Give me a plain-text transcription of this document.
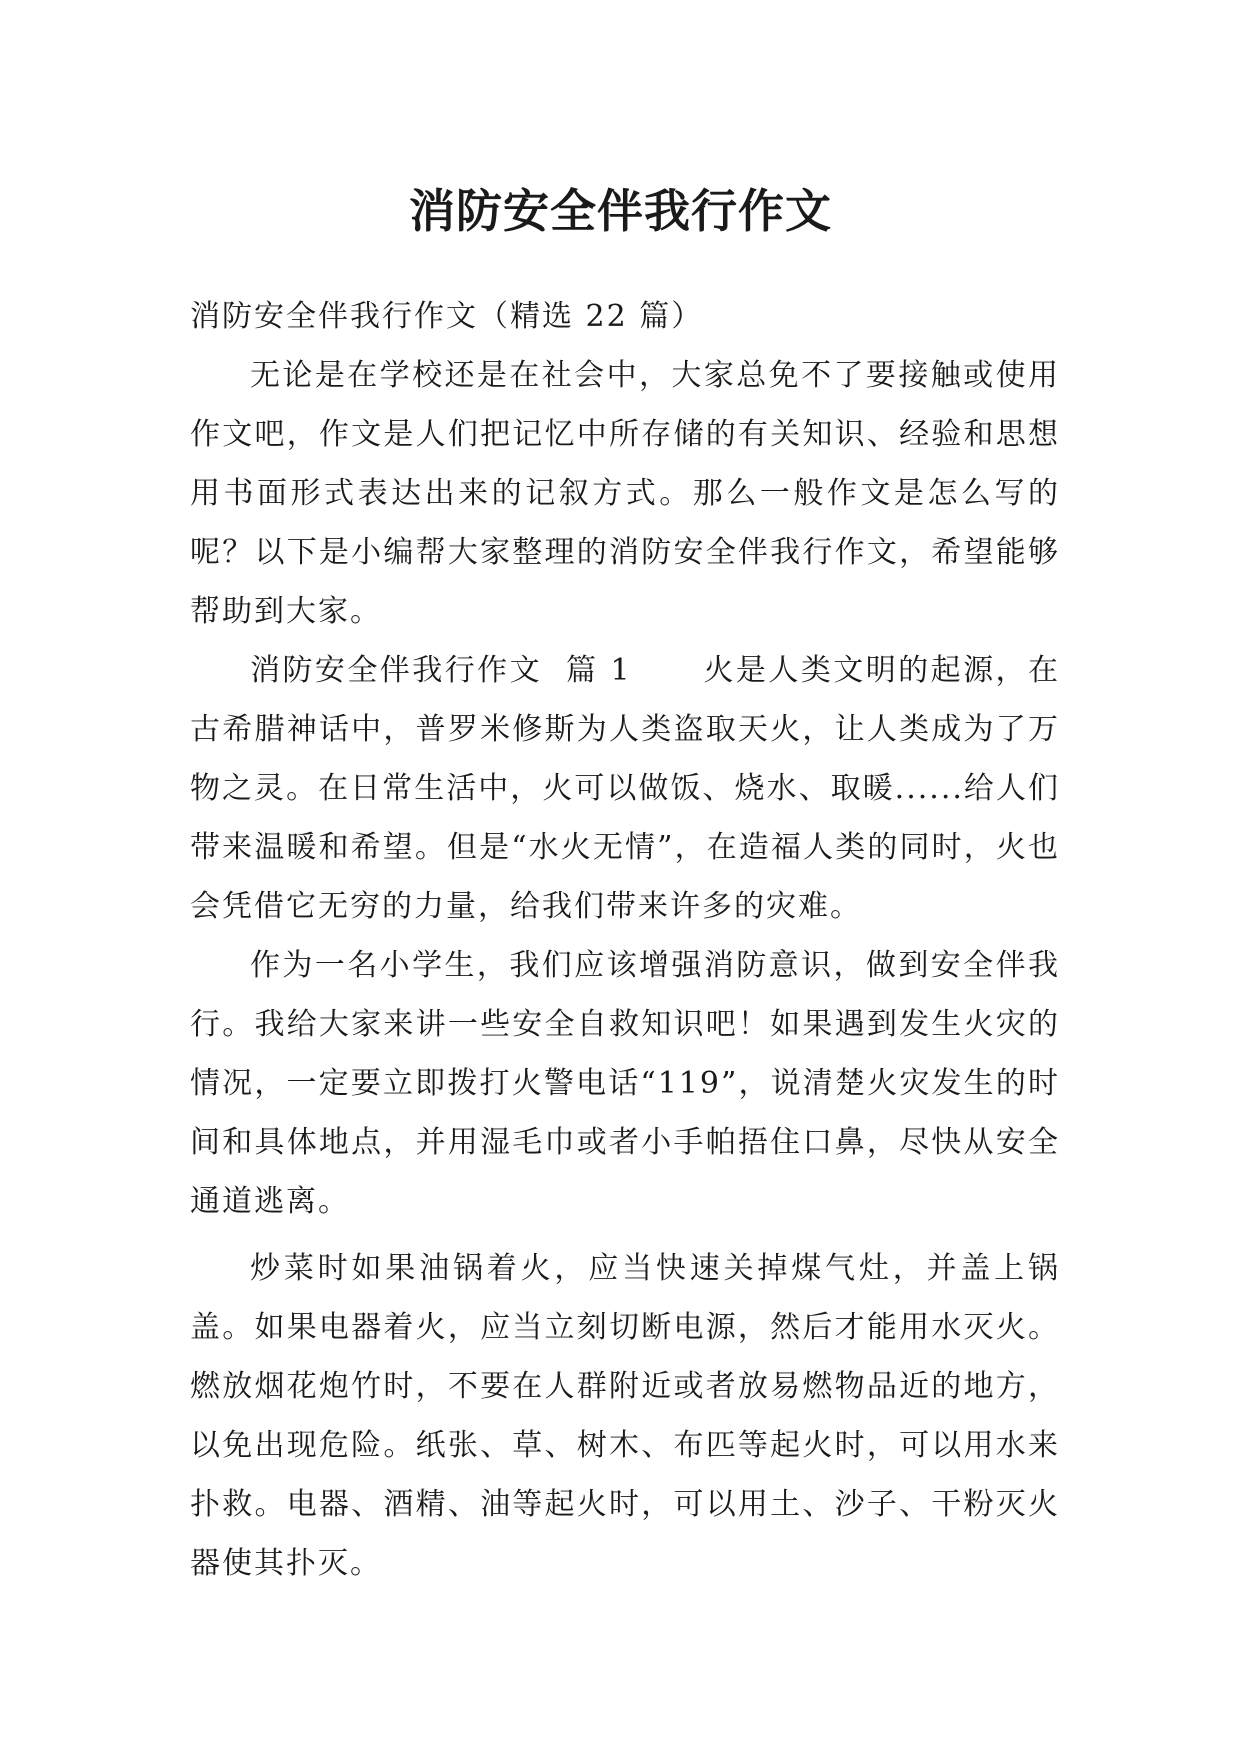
消防安全伴我行作文

消防安全伴我行作文（精选 22 篇）

无论是在学校还是在社会中，大家总免不了要接触或使用作文吧，作文是人们把记忆中所存储的有关知识、经验和思想用书面形式表达出来的记叙方式。那么一般作文是怎么写的呢？以下是小编帮大家整理的消防安全伴我行作文，希望能够帮助到大家。

消防安全伴我行作文  篇 1      火是人类文明的起源，在古希腊神话中，普罗米修斯为人类盗取天火，让人类成为了万物之灵。在日常生活中，火可以做饭、烧水、取暖......给人们带来温暖和希望。但是“水火无情”，在造福人类的同时，火也会凭借它无穷的力量，给我们带来许多的灾难。

作为一名小学生，我们应该增强消防意识，做到安全伴我行。我给大家来讲一些安全自救知识吧！如果遇到发生火灾的情况，一定要立即拨打火警电话“119”，说清楚火灾发生的时间和具体地点，并用湿毛巾或者小手帕捂住口鼻，尽快从安全通道逃离。

炒菜时如果油锅着火，应当快速关掉煤气灶，并盖上锅盖。如果电器着火，应当立刻切断电源，然后才能用水灭火。燃放烟花炮竹时，不要在人群附近或者放易燃物品近的地方，以免出现危险。纸张、草、树木、布匹等起火时，可以用水来扑救。电器、酒精、油等起火时，可以用土、沙子、干粉灭火器使其扑灭。
